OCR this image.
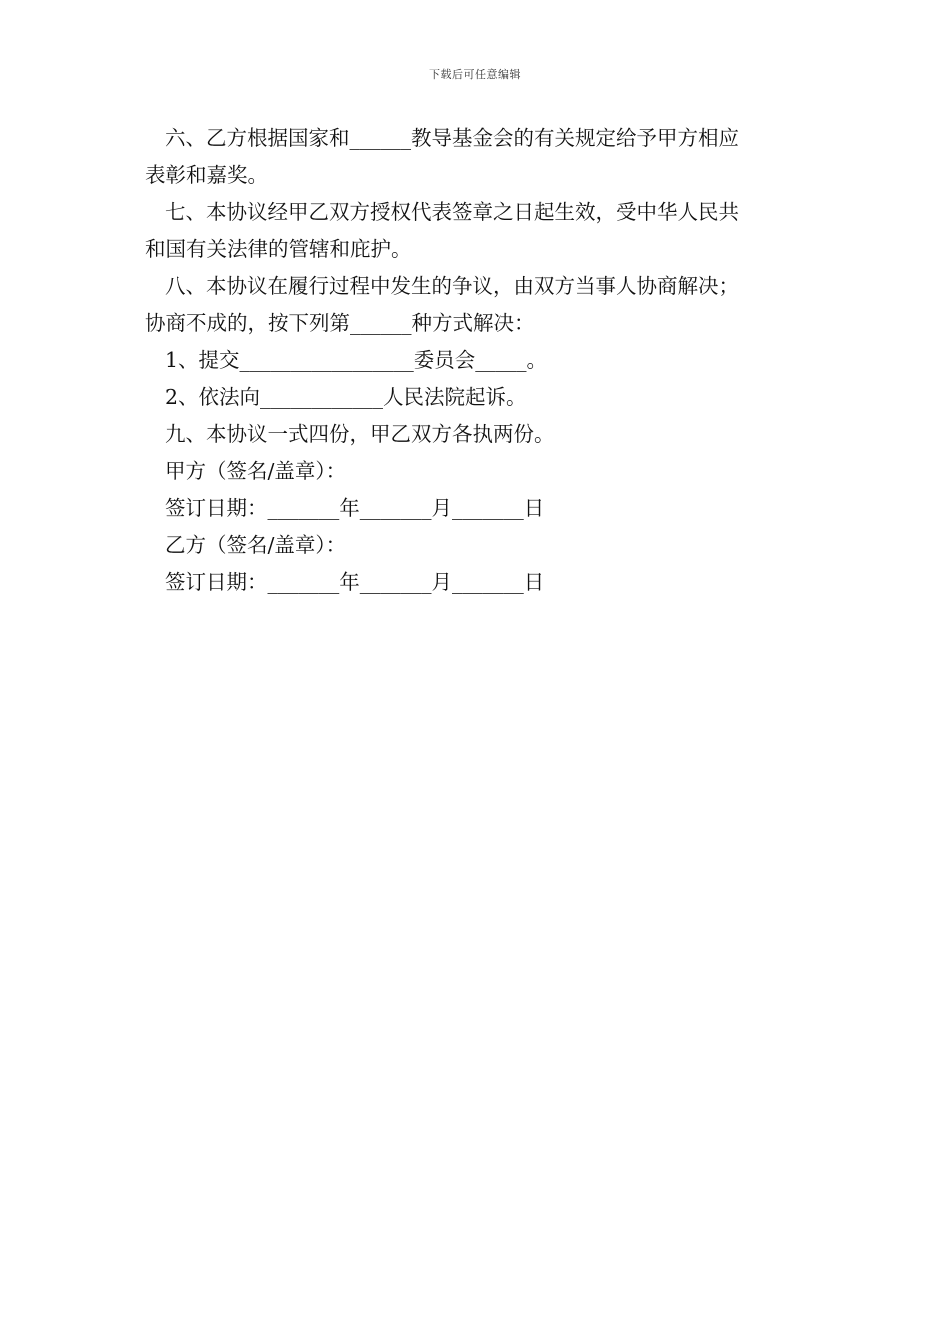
下载后可任意编辑

六、乙方根据国家和______教导基金会的有关规定给予甲方相应
表彰和嘉奖。

七、本协议经甲乙双方授权代表签章之日起生效，受中华人民共
和国有关法律的管辖和庇护。

八、本协议在履行过程中发生的争议，由双方当事人协商解决；
协商不成的，按下列第______种方式解决：

1、提交_________________委员会_____。

2、依法向____________人民法院起诉。

九、本协议一式四份，甲乙双方各执两份。

甲方（签名/盖章）：

签订日期：_______年_______月_______日

乙方（签名/盖章）：

签订日期：_______年_______月_______日
